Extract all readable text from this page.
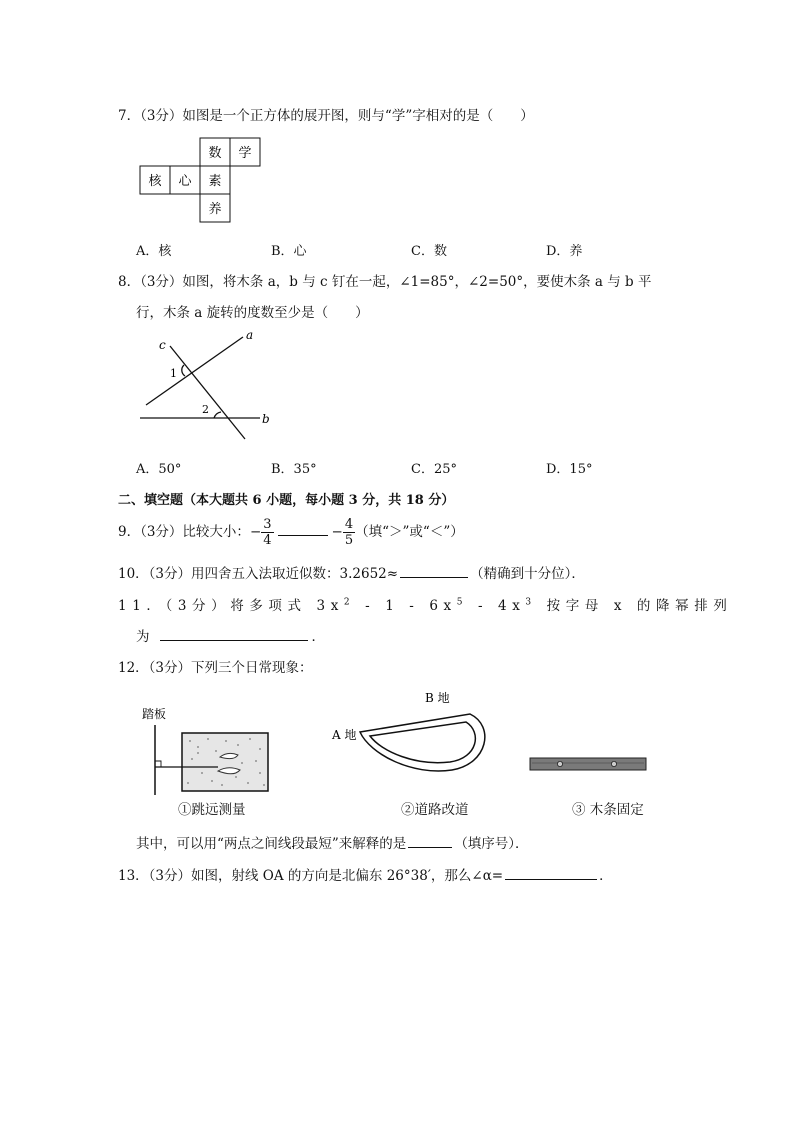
7．（3分）如图是一个正方体的展开图，则与“学”字相对的是（　　）
数 学
核 心 素
养
A．核	B．心	C．数	D．养
8．（3分）如图，将木条 a，b 与 c 钉在一起，∠1=85°，∠2=50°，要使木条 a 与 b 平
行，木条 a 旋转的度数至少是（　　）
a
b
c
1
2
A．50°	B．35°	C．25°	D．15°
二、填空题（本大题共 6 小题，每小题 3 分，共 18 分）
9．（3分）比较大小：− $\frac{3}{4}$	− $\frac{4}{5}$ （填“＞”或“＜”）
10．（3分）用四舍五入法取近似数：3.2652≈	（精确到十分位）．
11．（3分）将多项式 $3x^2 - 1 - 6x^5 - 4x^3$ 按字母 x 的降幂排列
为	．
12．（3分）下列三个日常现象：
踏板
①跳远测量
B 地
A 地
②道路改道	③ 木条固定
其中，可以用“两点之间线段最短”来解释的是	（填序号）．
13．（3分）如图，射线 OA 的方向是北偏东 26°38′，那么∠α=	．
